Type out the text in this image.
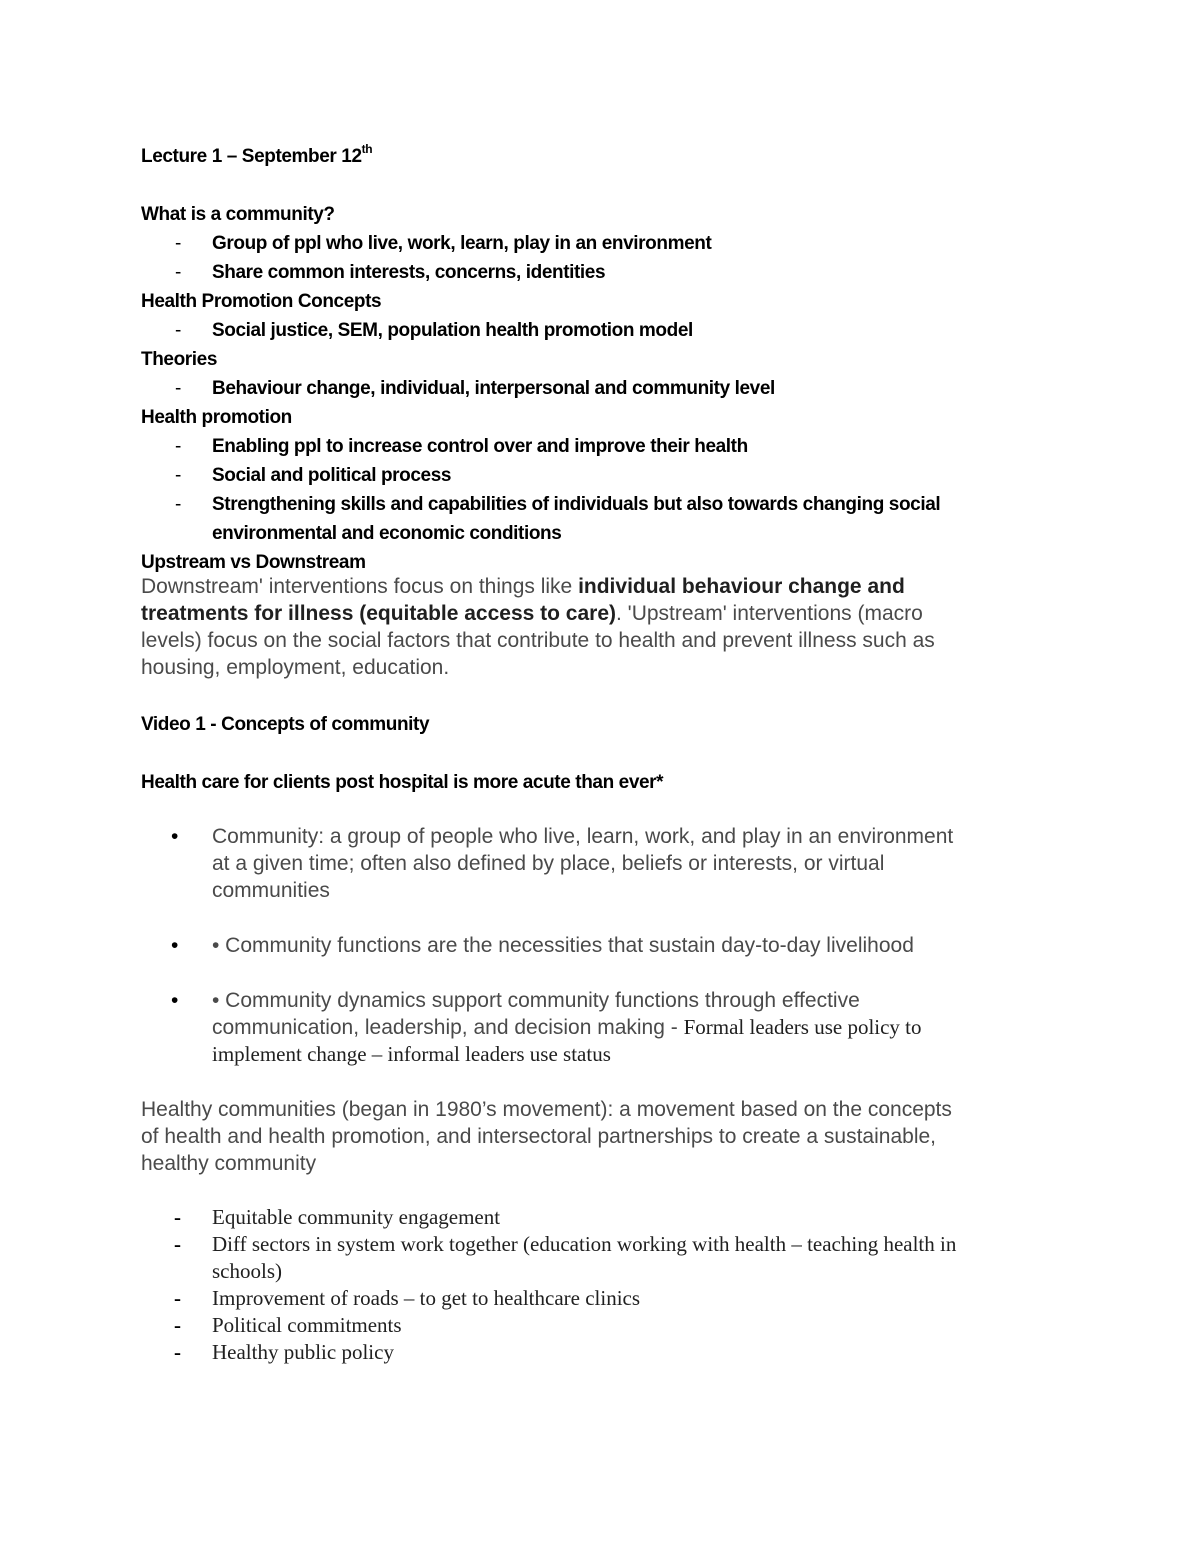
Lecture 1 – September 12th
What is a community?
- Group of ppl who live, work, learn, play in an environment
- Share common interests, concerns, identities
Health Promotion Concepts
- Social justice, SEM, population health promotion model
Theories
- Behaviour change, individual, interpersonal and community level
Health promotion
- Enabling ppl to increase control over and improve their health
- Social and political process
- Strengthening skills and capabilities of individuals but also towards changing social
environmental and economic conditions
Upstream vs Downstream
Downstream' interventions focus on things like individual behaviour change and
treatments for illness (equitable access to care). 'Upstream' interventions (macro
levels) focus on the social factors that contribute to health and prevent illness such as
housing, employment, education.
Video 1 - Concepts of community
Health care for clients post hospital is more acute than ever*
• Community: a group of people who live, learn, work, and play in an environment
at a given time; often also defined by place, beliefs or interests, or virtual
communities
• • Community functions are the necessities that sustain day-to-day livelihood
• • Community dynamics support community functions through effective
communication, leadership, and decision making - Formal leaders use policy to
implement change – informal leaders use status
Healthy communities (began in 1980’s movement): a movement based on the concepts
of health and health promotion, and intersectoral partnerships to create a sustainable,
healthy community
- Equitable community engagement
- Diff sectors in system work together (education working with health – teaching health in
schools)
- Improvement of roads – to get to healthcare clinics
- Political commitments
- Healthy public policy
